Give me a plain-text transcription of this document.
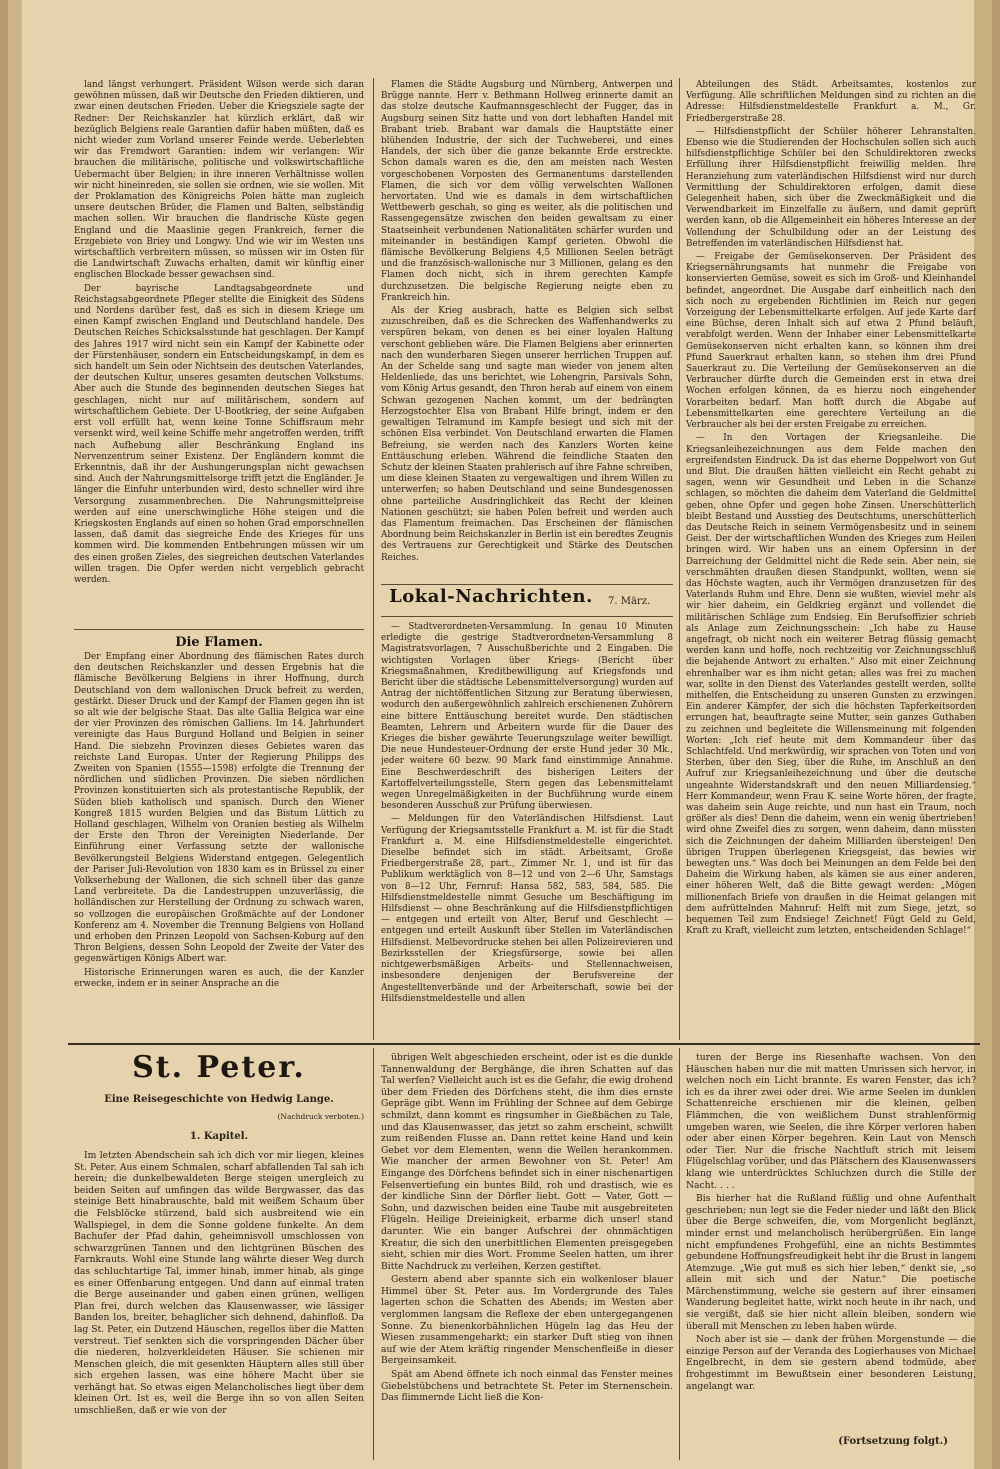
land längst verhungert. Präsident Wilson werde sich daran gewöhnen müssen, daß wir Deutsche den Frieden diktieren, und zwar einen deutschen Frieden. Ueber die Kriegsziele sagte der Redner: Der Reichskanzler hat kürzlich erklärt, daß wir bezüglich Belgiens reale Garantien dafür haben müßten, daß es nicht wieder zum Vorland unserer Feinde werde. Ueberlebten wir das Fremdwort Garantien: indem wir verlangen: Wir brauchen die militärische, politische und volkswirtschaftliche Uebermacht über Belgien; in ihre inneren Verhältnisse wollen wir nicht hineinreden, sie sollen sie ordnen, wie sie wollen. Mit der Proklamation des Königreichs Polen hätte man zugleich unsere deutschen Brüder, die Flamen und Balten, selbständig machen sollen. Wir brauchen die flandrische Küste gegen England und die Maaslinie gegen Frankreich, ferner die Erzgebiete von Briey und Longwy. Und wie wir im Westen uns wirtschaftlich verbreitern müssen, so müssen wir im Osten für die Landwirtschaft Zuwachs erhalten, damit wir künftig einer englischen Blockade besser gewachsen sind.

Der bayrische Landtagsabgeordnete und Reichstagsabgeordnete Pfleger stellte die Einigkeit des Südens und Nordens darüber fest, daß es sich in diesem Kriege um einen Kampf zwischen England und Deutschland handele. Des Deutschen Reiches Schicksalsstunde hat geschlagen. Der Kampf des Jahres 1917 wird nicht sein ein Kampf der Kabinette oder der Fürstenhäuser, sondern ein Entscheidungskampf, in dem es sich handelt um Sein oder Nichtsein des deutschen Vaterlandes, der deutschen Kultur, unseres gesamten deutschen Volkstums. Aber auch die Stunde des beginnenden deutschen Sieges hat geschlagen, nicht nur auf militärischem, sondern auf wirtschaftlichem Gebiete. Der U-Bootkrieg, der seine Aufgaben erst voll erfüllt hat, wenn keine Tonne Schiffsraum mehr versenkt wird, weil keine Schiffe mehr angetroffen werden, trifft nach Aufhebung aller Beschränkung England ins Nervenzentrum seiner Existenz. Der Engländern kommt die Erkenntnis, daß ihr der Aushungerungsplan nicht gewachsen sind. Auch der Nahrungsmittelsorge trifft jetzt die Engländer. Je länger die Einfuhr unterbunden wird, desto schneller wird ihre Versorgung zusammenbrechen. Die Nahrungsmittelpreise werden auf eine unerschwingliche Höhe steigen und die Kriegskosten Englands auf einen so hohen Grad emporschnellen lassen, daß damit das siegreiche Ende des Krieges für uns kommen wird. Die kommenden Entbehrungen müssen wir um des einen großen Zieles, des siegreichen deutschen Vaterlandes willen tragen. Die Opfer werden nicht vergeblich gebracht werden.

Die Flamen.

Der Empfang einer Abordnung des flämischen Rates durch den deutschen Reichskanzler und dessen Ergebnis hat die flämische Bevölkerung Belgiens in ihrer Hoffnung, durch Deutschland von dem wallonischen Druck befreit zu werden, gestärkt. Dieser Druck und der Kampf der Flamen gegen ihn ist so alt wie der belgische Staat. Das alte Gallia Belgica war eine der vier Provinzen des römischen Galliens. Im 14. Jahrhundert vereinigte das Haus Burgund Holland und Belgien in seiner Hand. Die siebzehn Provinzen dieses Gebietes waren das reichste Land Europas. Unter der Regierung Philipps des Zweiten von Spanien (1555—1598) erfolgte die Trennung der nördlichen und südlichen Provinzen. Die sieben nördlichen Provinzen konstituierten sich als protestantische Republik, der Süden blieb katholisch und spanisch. Durch den Wiener Kongreß 1815 wurden Belgien und das Bistum Lüttich zu Holland geschlagen, Wilhelm von Oranien bestieg als Wilhelm der Erste den Thron der Vereinigten Niederlande. Der Einführung einer Verfassung setzte der wallonische Bevölkerungsteil Belgiens Widerstand entgegen. Gelegentlich der Pariser Juli-Revolution von 1830 kam es in Brüssel zu einer Volkserhebung der Wallonen, die sich schnell über das ganze Land verbreitete. Da die Landestruppen unzuverlässig, die holländischen zur Herstellung der Ordnung zu schwach waren, so vollzogen die europäischen Großmächte auf der Londoner Konferenz am 4. November die Trennung Belgiens von Holland und erhoben den Prinzen Leopold von Sachsen-Koburg auf den Thron Belgiens, dessen Sohn Leopold der Zweite der Vater des gegenwärtigen Königs Albert war.

Historische Erinnerungen waren es auch, die der Kanzler erwecke, indem er in seiner Ansprache an die

Flamen die Städte Augsburg und Nürnberg, Antwerpen und Brügge nannte. Herr v. Bethmann Hollweg erinnerte damit an das stolze deutsche Kaufmannsgeschlecht der Fugger, das in Augsburg seinen Sitz hatte und von dort lebhaften Handel mit Brabant trieb. Brabant war damals die Hauptstätte einer blühenden Industrie, der sich der Tuchweberei, und eines Handels, der sich über die ganze bekannte Erde erstreckte. Schon damals waren es die, den am meisten nach Westen vorgeschobenen Vorposten des Germanentums darstellenden Flamen, die sich vor dem völlig verwelschten Wallonen hervortaten. Und wie es damals in dem wirtschaftlichen Wettbewerb geschah, so ging es weiter, als die politischen und Rassengegensätze zwischen den beiden gewaltsam zu einer Staatseinheit verbundenen Nationalitäten schärfer wurden und miteinander in beständigen Kampf gerieten. Obwohl die flämische Bevölkerung Belgiens 4,5 Millionen Seelen beträgt und die französisch-wallonische nur 3 Millionen, gelang es den Flamen doch nicht, sich in ihrem gerechten Kampfe durchzusetzen. Die belgische Regierung neigte eben zu Frankreich hin.

Als der Krieg ausbrach, hatte es Belgien sich selbst zuzuschreiben, daß es die Schrecken des Waffenhandwerks zu verspüren bekam, von denen es bei einer loyalen Haltung verschont geblieben wäre. Die Flamen Belgiens aber erinnerten nach den wunderbaren Siegen unserer herrlichen Truppen auf. An der Schelde sang und sagte man wieder von jenem alten Heldenliede, das uns berichtet, wie Lohengrin, Parsivals Sohn, vom König Artus gesandt, den Thron herab auf einem von einem Schwan gezogenen Nachen kommt, um der bedrängten Herzogstochter Elsa von Brabant Hilfe bringt, indem er den gewaltigen Telramund im Kampfe besiegt und sich mit der schönen Elsa verbindet. Von Deutschland erwarten die Flamen Befreiung, sie werden nach des Kanzlers Worten keine Enttäuschung erleben. Während die feindliche Staaten den Schutz der kleinen Staaten prahlerisch auf ihre Fahne schreiben, um diese kleinen Staaten zu vergewaltigen und ihrem Willen zu unterwerfen; so haben Deutschland und seine Bundesgenossen ohne parteiliche Ausdringlichkeit das Recht der kleinen Nationen geschützt; sie haben Polen befreit und werden auch das Flamentum freimachen. Das Erscheinen der flämischen Abordnung beim Reichskanzler in Berlin ist ein beredtes Zeugnis des Vertrauens zur Gerechtigkeit und Stärke des Deutschen Reiches.

Lokal-Nachrichten.	7. März.

— Stadtverordneten-Versammlung. In genau 10 Minuten erledigte die gestrige Stadtverordneten-Versammlung 8 Magistratsvorlagen, 7 Ausschußberichte und 2 Eingaben. Die wichtigsten Vorlagen über Kriegs- (Bericht über Kriegsmaßnahmen, Kreditbewilligung auf Kriegsfonds und Bericht über die städtische Lebensmittelversorgung) wurden auf Antrag der nichtöffentlichen Sitzung zur Beratung überwiesen, wodurch den außergewöhnlich zahlreich erschienenen Zuhörern eine bittere Enttäuschung bereitet wurde. Den städtischen Beamten, Lehrern und Arbeitern wurde für die Dauer des Krieges die bisher gewährte Teuerungszulage weiter bewilligt. Die neue Hundesteuer-Ordnung der erste Hund jeder 30 Mk., jeder weitere 60 bezw. 90 Mark fand einstimmige Annahme. Eine Beschwerdeschrift des bisherigen Leiters der Kartoffelverteilungsstelle, Stern gegen das Lebensmittelamt wegen Unregelmäßigkeiten in der Buchführung wurde einem besonderen Ausschuß zur Prüfung überwiesen.

— Meldungen für den Vaterländischen Hilfsdienst. Laut Verfügung der Kriegsamtsstelle Frankfurt a. M. ist für die Stadt Frankfurt a. M. eine Hilfsdienstmeldestelle eingerichtet. Dieselbe befindet sich im städt. Arbeitsamt, Große Friedbergerstraße 28, part., Zimmer Nr. 1, und ist für das Publikum werktäglich von 8—12 und von 2—6 Uhr, Samstags von 8—12 Uhr, Fernruf: Hansa 582, 583, 584, 585. Die Hilfsdienstmeldestelle nimmt Gesuche um Beschäftigung im Hilfsdienst — ohne Beschränkung auf die Hilfsdienstpflichtigen — entgegen und erteilt von Alter, Beruf und Geschlecht — entgegen und erteilt Auskunft über Stellen im Vaterländischen Hilfsdienst. Melbevordrucke stehen bei allen Polizeirevieren und Bezirksstellen der Kriegsfürsorge, sowie bei allen nichtgewerbsmäßigen Arbeits- und Stellennachweisen, insbesondere denjenigen der Berufsvereine der Angestelltenverbände und der Arbeiterschaft, sowie bei der Hilfsdienstmeldestelle und allen

Abteilungen des Städt. Arbeitsamtes, kostenlos zur Verfügung. Alle schriftlichen Meldungen sind zu richten an die Adresse: Hilfsdienstmeldestelle Frankfurt a. M., Gr. Friedbergerstraße 28.

— Hilfsdienstpflicht der Schüler höherer Lehranstalten. Ebenso wie die Studierenden der Hochschulen sollen sich auch hilfsdienstpflichtige Schüler bei den Schuldirektoren zwecks Erfüllung ihrer Hilfsdienstpflicht freiwillig melden. Ihre Heranziehung zum vaterländischen Hilfsdienst wird nur durch Vermittlung der Schuldirektoren erfolgen, damit diese Gelegenheit haben, sich über die Zweckmäßigkeit und die Verwendbarkeit im Einzelfalle zu äußern, und damit geprüft werden kann, ob die Allgemeinheit ein höheres Interesse an der Vollendung der Schulbildung oder an der Leistung des Betreffenden im vaterländischen Hilfsdienst hat.

— Freigabe der Gemüsekonserven. Der Präsident des Kriegsernährungsamts hat nunmehr die Freigabe von konservierten Gemüse, soweit es sich im Groß- und Kleinhandel befindet, angeordnet. Die Ausgabe darf einheitlich nach den sich noch zu ergebenden Richtlinien im Reich nur gegen Vorzeigung der Lebensmittelkarte erfolgen. Auf jede Karte darf eine Büchse, deren Inhalt sich auf etwa 2 Pfund beläuft, verabfolgt werden. Wenn der Inhaber einer Lebensmittelkarte Gemüsekonserven nicht erhalten kann, so können ihm drei Pfund Sauerkraut erhalten kann, so stehen ihm drei Pfund Sauerkraut zu. Die Verteilung der Gemüsekonserven an die Verbraucher dürfte durch die Gemeinden erst in etwa drei Wochen erfolgen können, da es hierzu noch eingehender Vorarbeiten bedarf. Man hofft durch die Abgabe auf Lebensmittelkarten eine gerechtere Verteilung an die Verbraucher als bei der ersten Freigabe zu erreichen.

— In den Vortagen der Kriegsanleihe. Die Kriegsanleihezeichnungen aus dem Felde machen den ergreifendsten Eindruck. Da ist das eherne Doppelwort von Gut und Blut. Die draußen hätten vielleicht ein Recht gehabt zu sagen, wenn wir Gesundheit und Leben in die Schanze schlagen, so möchten die daheim dem Vaterland die Geldmittel geben, ohne Opfer und gegen hohe Zinsen. Unerschütterlich bleibt Bestand und Ausstieg des Deutschtums, unerschütterlich das Deutsche Reich in seinem Vermögensbesitz und in seinem Geist. Der der wirtschaftlichen Wunden des Krieges zum Heilen bringen wird. Wir haben uns an einem Opfersinn in der Darreichung der Geldmittel nicht die Rede sein. Aber nein, sie verschmähten draußen diesen Standpunkt, wollten, wenn sie das Höchste wagten, auch ihr Vermögen dranzusetzen für des Vaterlands Ruhm und Ehre. Denn sie wußten, wieviel mehr als wir hier daheim, ein Geldkrieg ergänzt und vollendet die militärischen Schläge zum Endsieg. Ein Berufsoffizier schrieb als Anlage zum Zeichnungsschein: „Ich habe zu Hause angefragt, ob nicht noch ein weiterer Betrag flüssig gemacht werden kann und hoffe, noch rechtzeitig vor Zeichnungsschluß die bejahende Antwort zu erhalten.“ Also mit einer Zeichnung ehrenhalber war es ihm nicht getan; alles was frei zu machen war, sollte in den Dienst des Vaterlandes gestellt werden, sollte mithelfen, die Entscheidung zu unseren Gunsten zu erzwingen. Ein anderer Kämpfer, der sich die höchsten Tapferkeitsorden errungen hat, beauftragte seine Mutter, sein ganzes Guthaben zu zeichnen und begleitete die Willensmeinung mit folgenden Worten: „Ich rief heute mit dem Kommandeur über das Schlachtfeld. Und merkwürdig, wir sprachen von Toten und von Sterben, über den Sieg, über die Ruhe, im Anschluß an den Aufruf zur Kriegsanleihezeichnung und über die deutsche ungeahnte Widerstandskraft und den neuen Milliardensieg.“ Herr Kommandeur, wenn Frau K. seine Worte hören, der fragte, was daheim sein Auge reichte, und nun hast ein Traum, noch größer als dies! Denn die daheim, wenn ein wenig übertrieben! wird ohne Zweifel dies zu sorgen, wenn daheim, dann müssten sich die Zeichnungen der daheim Milliarden übersteigen! Den übrigen Truppen überlegenen Kriegsgeist, das bewies wir bewegten uns.“ Was doch bei Meinungen an dem Felde bei den Daheim die Wirkung haben, als kämen sie aus einer anderen, einer höheren Welt, daß die Bitte gewagt werden: „Mögen millionenfach Briefe von draußen in die Heimat gelangen mit dem aufrüttelnden Mahnruf: Helft mit zum Siege, jetzt, so bequemen Teil zum Endsiege! Zeichnet! Fügt Geld zu Geld, Kraft zu Kraft, vielleicht zum letzten, entscheidenden Schlage!“

St. Peter.
Eine Reisegeschichte von Hedwig Lange.
(Nachdruck verboten.)
1. Kapitel.

Im letzten Abendschein sah ich dich vor mir liegen, kleines St. Peter. Aus einem Schmalen, scharf abfallenden Tal sah ich herein; die dunkelbewaldeten Berge steigen unergleich zu beiden Seiten auf umfingen das wilde Bergwasser, das das steinige Bett hinabrauschte, bald mit weißem Schaum über die Felsblöcke stürzend, bald sich ausbreitend wie ein Wallspiegel, in dem die Sonne goldene funkelte. An dem Bachufer der Pfad dahin, geheimnisvoll umschlossen von schwarzgrünen Tannen und den lichtgrünen Büschen des Farnkrauts. Wohl eine Stunde lang währte dieser Weg durch das schluchtartige Tal, immer hinab, immer hinab, als ginge es einer Offenbarung entgegen. Und dann auf einmal traten die Berge auseinander und gaben einen grünen, welligen Plan frei, durch welchen das Klausenwasser, wie lässiger Banden los, breiter, behaglicher sich dehnend, dahinfloß. Da lag St. Peter, ein Dutzend Häuschen, regellos über die Matten verstreut. Tief senkten sich die vorspringenden Dächer über die niederen, holzverkleideten Häuser. Sie schienen mir Menschen gleich, die mit gesenkten Häuptern alles still über sich ergehen lassen, was eine höhere Macht über sie verhängt hat. So etwas eigen Melancholisches liegt über dem kleinen Ort. Ist es, weil die Berge ihn so von allen Seiten umschließen, daß er wie von der

übrigen Welt abgeschieden erscheint, oder ist es die dunkle Tannenwaldung der Berghänge, die ihren Schatten auf das Tal werfen? Vielleicht auch ist es die Gefahr, die ewig drohend über dem Frieden des Dörfchens steht, die ihm dies ernste Gepräge gibt. Wenn im Frühling der Schnee auf dem Gebirge schmilzt, dann kommt es ringsumher in Gießbächen zu Tale, und das Klausenwasser, das jetzt so zahm erscheint, schwillt zum reißenden Flusse an. Dann rettet keine Hand und kein Gebet vor dem Elementen, wenn die Wellen herankommen. Wie mancher der armen Bewohner von St. Peter! Am Eingange des Dörfchens befindet sich in einer nischenartigen Felsenvertiefung ein buntes Bild, roh und drastisch, wie es der kindliche Sinn der Dörfler liebt. Gott — Vater, Gott — Sohn, und dazwischen beiden eine Taube mit ausgebreiteten Flügeln. Heilige Dreieinigkeit, erbarme dich unser! stand darunter. Wie ein banger Aufschrei der ohnmächtigen Kreatur, die sich den unerbittlichen Elementen preisgegeben sieht, schien mir dies Wort. Fromme Seelen hatten, um ihrer Bitte Nachdruck zu verleihen, Kerzen gestiftet.

Gestern abend aber spannte sich ein wolkenloser blauer Himmel über St. Peter aus. Im Vordergrunde des Tales lagerten schon die Schatten des Abends; im Westen aber verglommen langsam die Reflexe der eben untergegangenen Sonne. Zu bienenkorbähnlichen Hügeln lag das Heu der Wiesen zusammengeharkt; ein starker Duft stieg von ihnen auf wie der Atem kräftig ringender Menschenfleiße in dieser Bergeinsamkeit.

Spät am Abend öffnete ich noch einmal das Fenster meines Giebelstübchens und betrachtete St. Peter im Sternenschein. Das flimmernde Licht ließ die Kon-

turen der Berge ins Riesenhafte wachsen. Von den Häuschen haben nur die mit matten Umrissen sich hervor, in welchen noch ein Licht brannte. Es waren Fenster, das ich? ich es da ihrer zwei oder drei. Wie arme Seelen im dunklen Schattenreiche erschienen mir die kleinen, gelben Flämmchen, die von weißlichem Dunst strahlenförmig umgeben waren, wie Seelen, die ihre Körper verloren haben oder aber einen Körper begehren. Kein Laut von Mensch oder Tier. Nur die frische Nachtluft strich mit leisem Flügelschlag vorüber, und das Plätschern des Klausenwassers klang wie unterdrücktes Schluchzen durch die Stille der Nacht. . . .

Bis hierher hat die Rußland füßlig und ohne Aufenthalt geschrieben; nun legt sie die Feder nieder und läßt den Blick über die Berge schweifen, die, vom Morgenlicht beglänzt, minder ernst und melancholisch herübergrüßen. Ein lange nicht empfundenes Frohgefühl, eine an nichts Bestimmtes gebundene Hoffnungsfreudigkeit hebt ihr die Brust in langem Atemzuge. „Wie gut muß es sich hier leben,“ denkt sie, „so allein mit sich und der Natur.“ Die poetische Märchenstimmung, welche sie gestern auf ihrer einsamen Wanderung begleitet hatte, wirkt noch heute in ihr nach, und sie vergißt, daß sie hier nicht allein bleiben, sondern wie überall mit Menschen zu leben haben würde.

Noch aber ist sie — dank der frühen Morgenstunde — die einzige Person auf der Veranda des Logierhauses von Michael Engelbrecht, in dem sie gestern abend todmüde, aber frohgestimmt im Bewußtsein einer besonderen Leistung, angelangt war.

(Fortsetzung folgt.)
